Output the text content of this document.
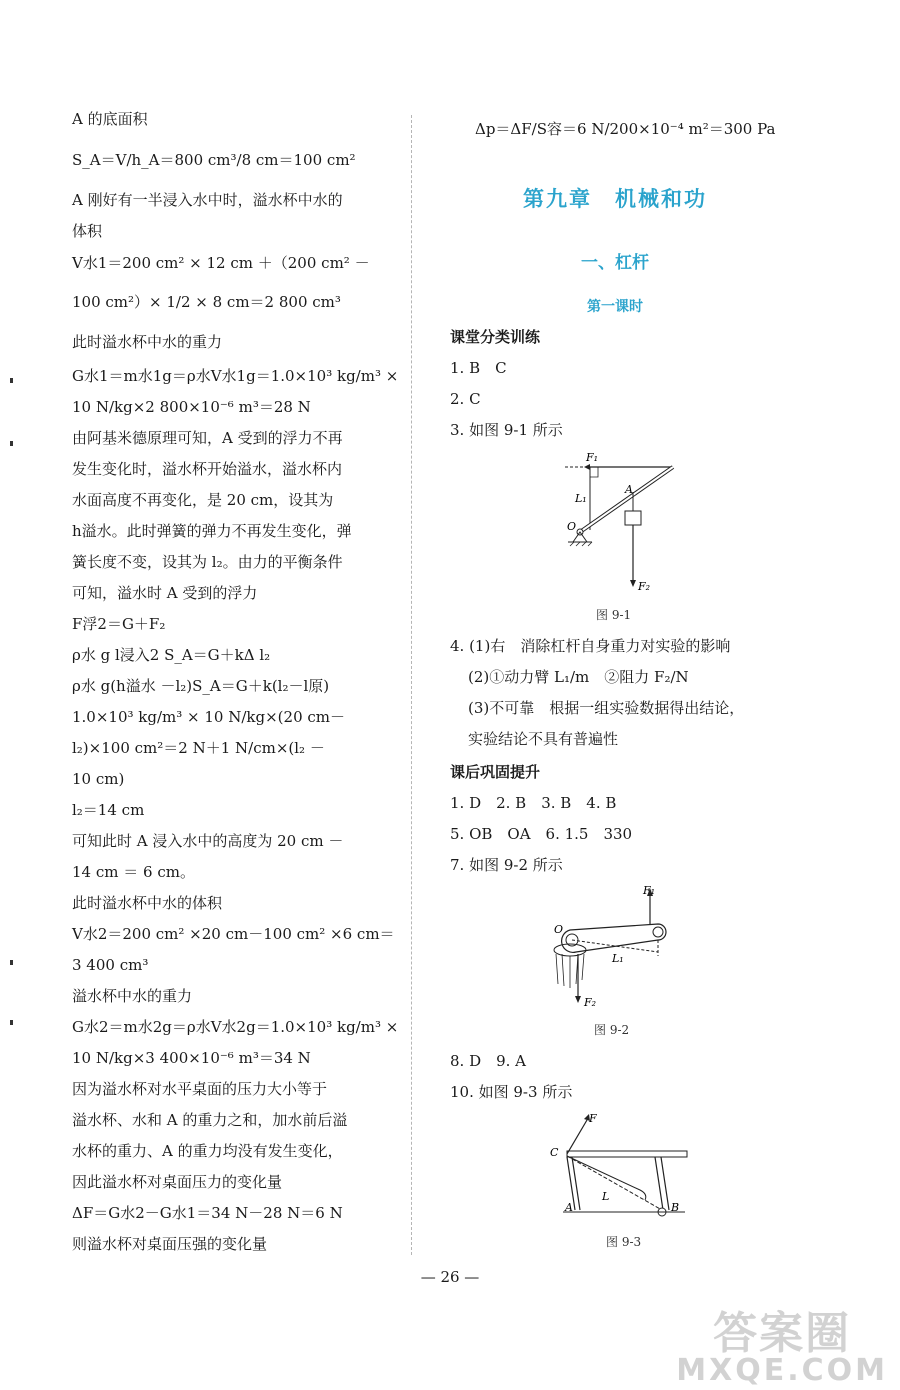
A 的底面积
S_A＝V/h_A＝800 cm³/8 cm＝100 cm²
A 刚好有一半浸入水中时，溢水杯中水的
体积
V水1＝200 cm² × 12 cm ＋（200 cm² －
100 cm²）× 1/2 × 8 cm＝2 800 cm³
此时溢水杯中水的重力
G水1＝m水1g＝ρ水V水1g＝1.0×10³ kg/m³ ×
10 N/kg×2 800×10⁻⁶ m³＝28 N
由阿基米德原理可知，A 受到的浮力不再
发生变化时，溢水杯开始溢水，溢水杯内
水面高度不再变化，是 20 cm，设其为
h溢水。此时弹簧的弹力不再发生变化，弹
簧长度不变，设其为 l₂。由力的平衡条件
可知，溢水时 A 受到的浮力
F浮2＝G＋F₂
ρ水 g l浸入2 S_A＝G＋kΔ l₂
ρ水 g(h溢水 －l₂)S_A＝G＋k(l₂－l原)
1.0×10³ kg/m³ × 10 N/kg×(20 cm－
l₂)×100 cm²＝2 N＋1 N/cm×(l₂ －
10 cm)
l₂＝14 cm
可知此时 A 浸入水中的高度为 20 cm －
14 cm ＝ 6 cm。
此时溢水杯中水的体积
V水2＝200 cm² ×20 cm－100 cm² ×6 cm＝
3 400 cm³
溢水杯中水的重力
G水2＝m水2g＝ρ水V水2g＝1.0×10³ kg/m³ ×
10 N/kg×3 400×10⁻⁶ m³＝34 N
因为溢水杯对水平桌面的压力大小等于
溢水杯、水和 A 的重力之和，加水前后溢
水杯的重力、A 的重力均没有发生变化，
因此溢水杯对桌面压力的变化量
ΔF＝G水2－G水1＝34 N－28 N＝6 N
则溢水杯对桌面压强的变化量
Δp＝ΔF/S容＝6 N/200×10⁻⁴ m²＝300 Pa
第九章　机械和功
一、杠杆
第一课时
课堂分类训练
1. B　C
2. C
3. 如图 9-1 所示
F₁
L₁
A
O
F₂
图 9-1
4. (1)右　消除杠杆自身重力对实验的影响
(2)①动力臂 L₁/m　②阻力 F₂/N
(3)不可靠　根据一组实验数据得出结论，
实验结论不具有普遍性
课后巩固提升
1. D　2. B　3. B　4. B
5. OB　OA　6. 1.5　330
7. 如图 9-2 所示
F₁
O
L₁
F₂
图 9-2
8. D　9. A
10. 如图 9-3 所示
F
C
L
A	B
图 9-3
— 26 —
答案圈
MXQE.COM
